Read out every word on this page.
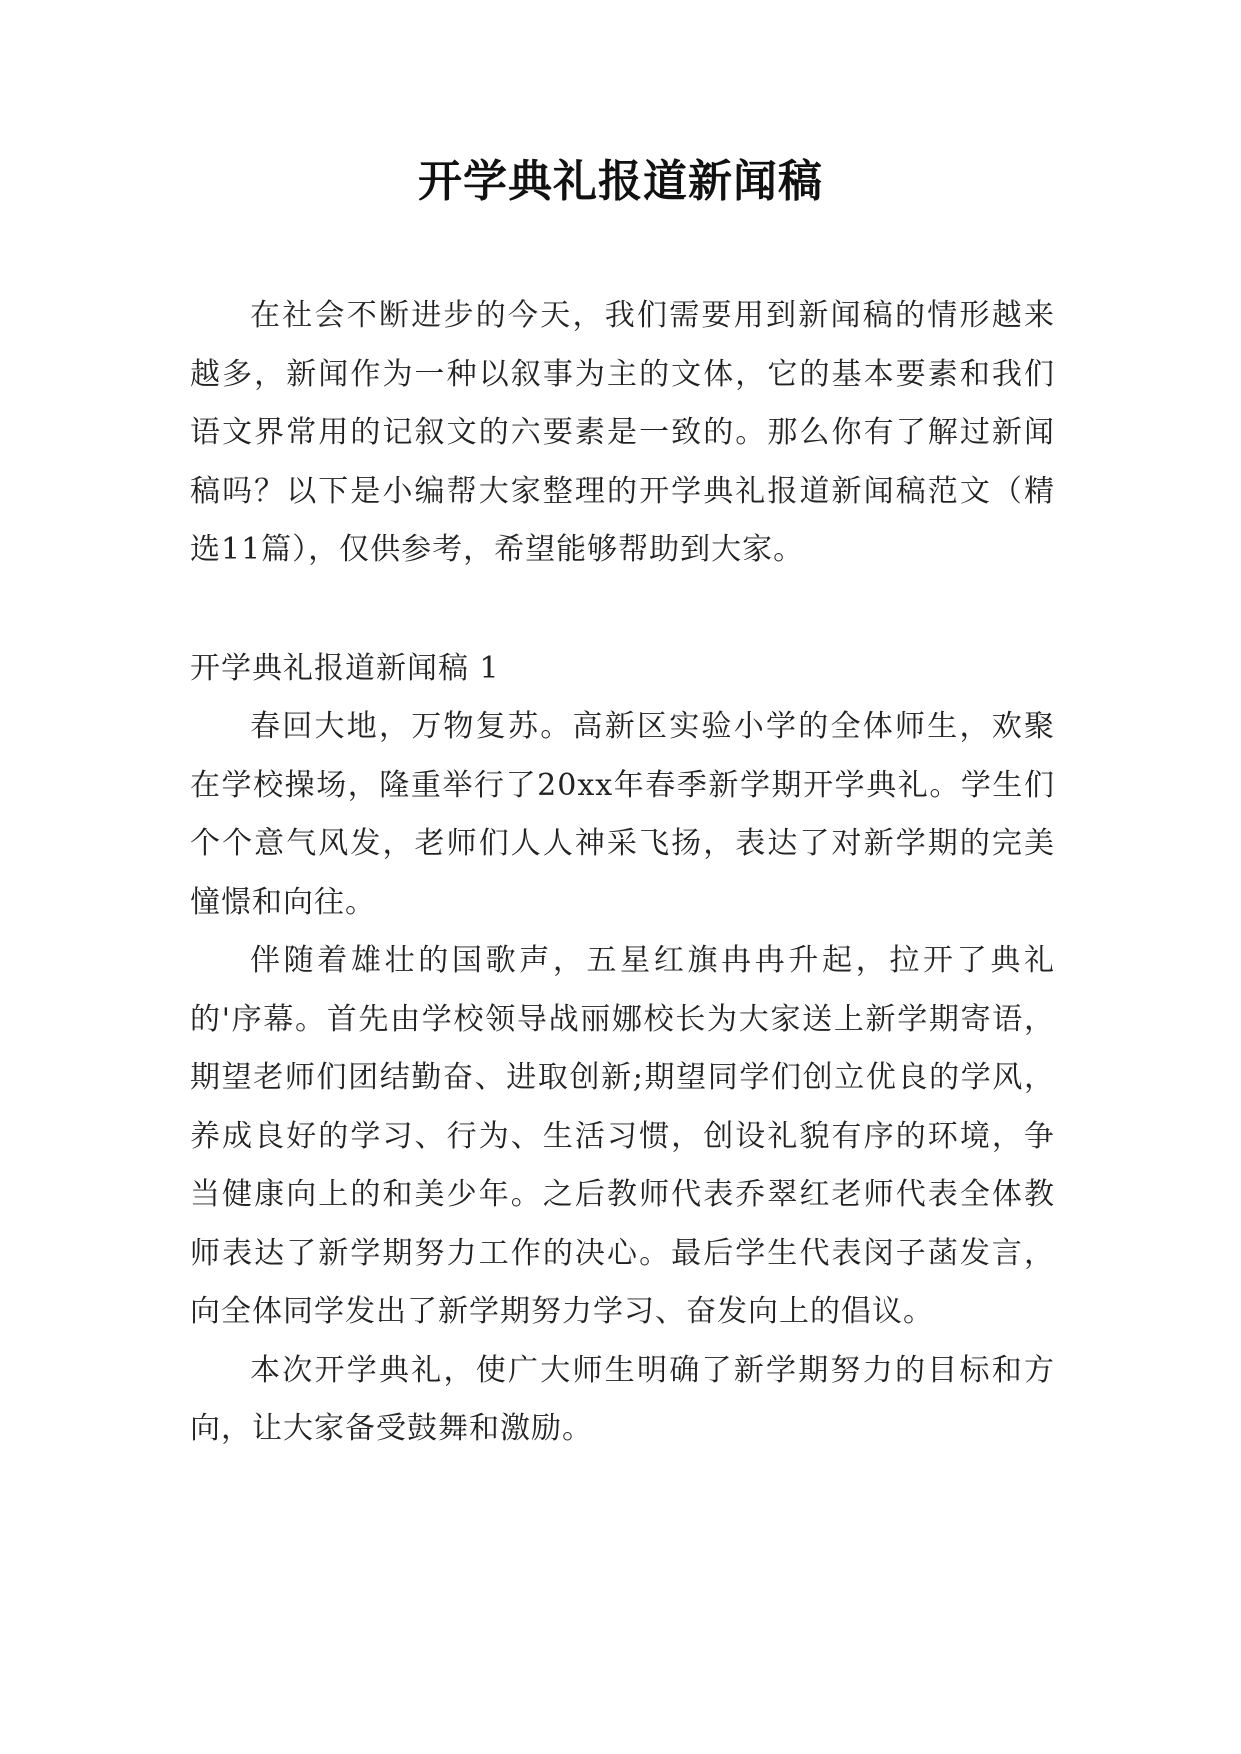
开学典礼报道新闻稿

在社会不断进步的今天，我们需要用到新闻稿的情形越来越多，新闻作为一种以叙事为主的文体，它的基本要素和我们语文界常用的记叙文的六要素是一致的。那么你有了解过新闻稿吗？以下是小编帮大家整理的开学典礼报道新闻稿范文（精选11篇），仅供参考，希望能够帮助到大家。

开学典礼报道新闻稿 1

春回大地，万物复苏。高新区实验小学的全体师生，欢聚在学校操场，隆重举行了20xx年春季新学期开学典礼。学生们个个意气风发，老师们人人神采飞扬，表达了对新学期的完美憧憬和向往。

伴随着雄壮的国歌声，五星红旗冉冉升起，拉开了典礼的'序幕。首先由学校领导战丽娜校长为大家送上新学期寄语，期望老师们团结勤奋、进取创新;期望同学们创立优良的学风，养成良好的学习、行为、生活习惯，创设礼貌有序的环境，争当健康向上的和美少年。之后教师代表乔翠红老师代表全体教师表达了新学期努力工作的决心。最后学生代表闵子菡发言，向全体同学发出了新学期努力学习、奋发向上的倡议。

本次开学典礼，使广大师生明确了新学期努力的目标和方向，让大家备受鼓舞和激励。
